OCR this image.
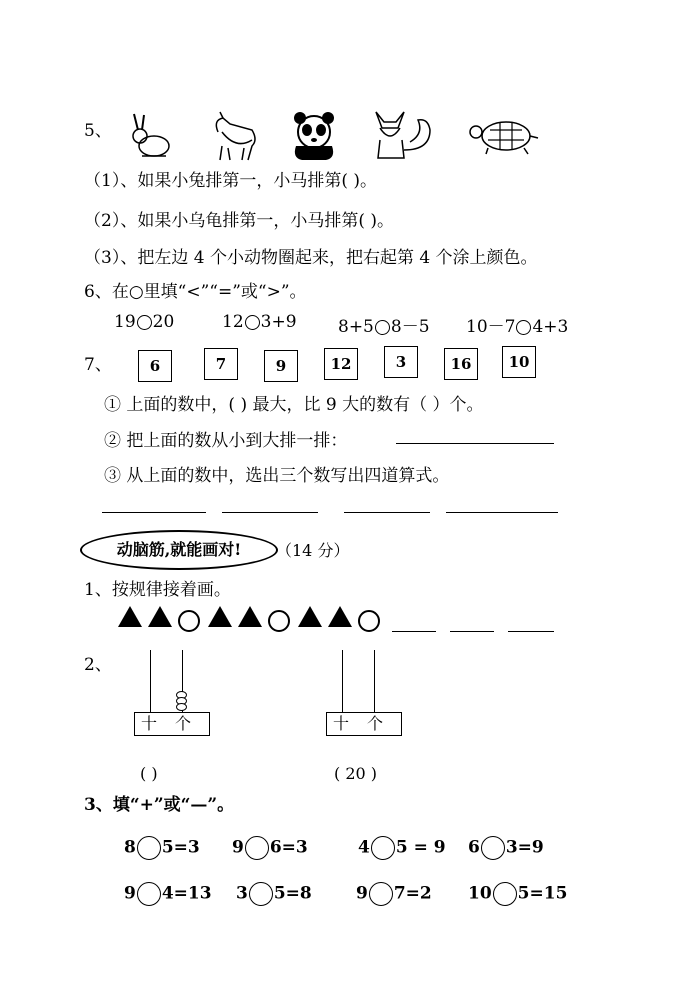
5、
（1）、如果小兔排第一，小马排第( )。
（2）、如果小乌龟排第一，小马排第( )。
（3）、把左边 4 个小动物圈起来，把右起第 4 个涂上颜色。
6、在○里填“<”“=”或“>”。
19 20	12 3+9 8+5 8－5 10－7 4+3
7、	6	7	9	12	3	16	10
① 上面的数中，( ) 最大，比 9 大的数有（ ）个。
② 把上面的数从小到大排一排：
③ 从上面的数中，选出三个数写出四道算式。
动脑筋,就能画对!	（14 分）
1、按规律接着画。
2、
十 个
( )
十 个
( 20 )
3、填“+”或“—”。
8 5=3 9 6=3	4 5 = 9 6 3=9
9 4=13 3 5=8	9 7=2 10 5=15
